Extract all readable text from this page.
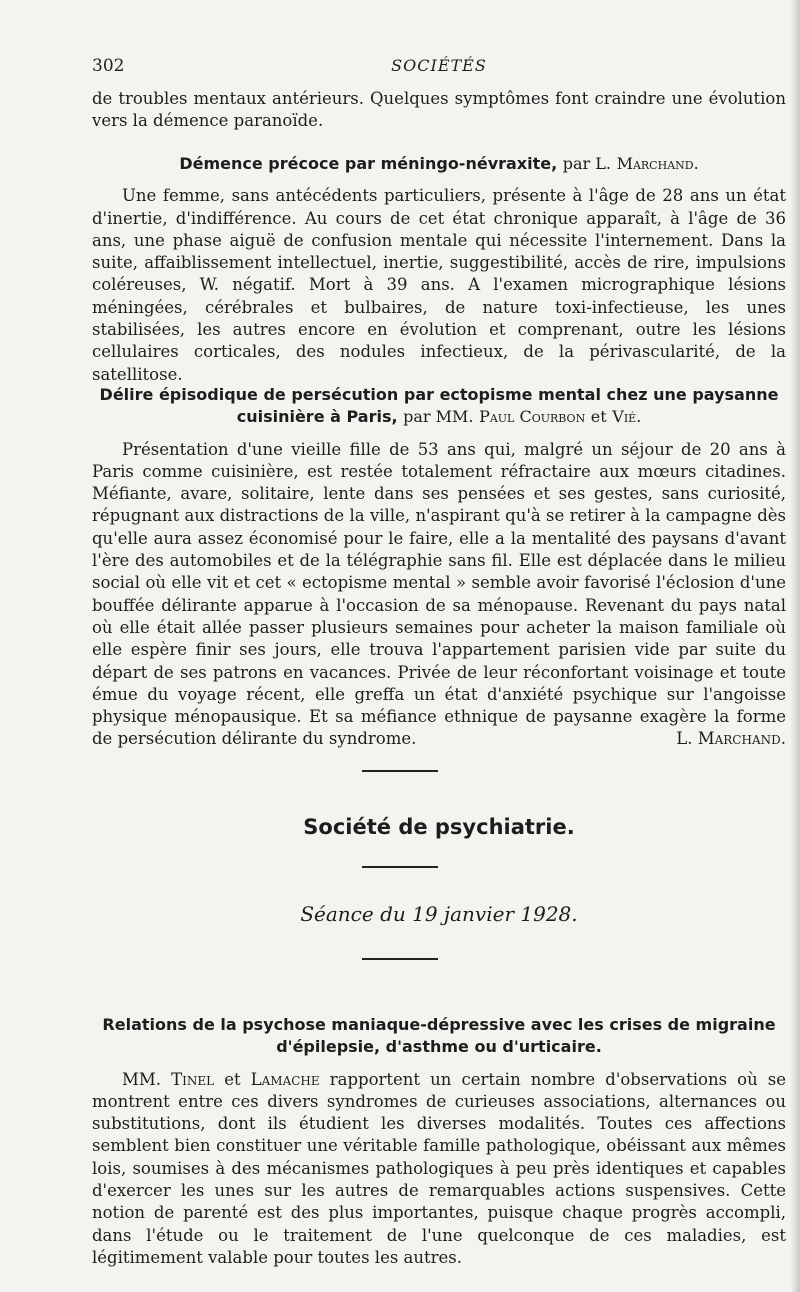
302	SOCIÉTÉS

de troubles mentaux antérieurs. Quelques symptômes font craindre une évolution vers la démence paranoïde.

Démence précoce par méningo-névraxite, par L. Marchand.

Une femme, sans antécédents particuliers, présente à l'âge de 28 ans un état d'inertie, d'indifférence. Au cours de cet état chronique apparaît, à l'âge de 36 ans, une phase aiguë de confusion mentale qui nécessite l'internement. Dans la suite, affaiblissement intellectuel, inertie, suggestibilité, accès de rire, impulsions coléreuses, W. négatif. Mort à 39 ans. A l'examen micrographique lésions méningées, cérébrales et bulbaires, de nature toxi-infectieuse, les unes stabilisées, les autres encore en évolution et comprenant, outre les lésions cellulaires corticales, des nodules infectieux, de la périvascularité, de la satellitose.

Délire épisodique de persécution par ectopisme mental chez une paysanne cuisinière à Paris, par MM. Paul Courbon et Vié.

Présentation d'une vieille fille de 53 ans qui, malgré un séjour de 20 ans à Paris comme cuisinière, est restée totalement réfractaire aux mœurs citadines. Méfiante, avare, solitaire, lente dans ses pensées et ses gestes, sans curiosité, répugnant aux distractions de la ville, n'aspirant qu'à se retirer à la campagne dès qu'elle aura assez économisé pour le faire, elle a la mentalité des paysans d'avant l'ère des automobiles et de la télégraphie sans fil. Elle est déplacée dans le milieu social où elle vit et cet « ectopisme mental » semble avoir favorisé l'éclosion d'une bouffée délirante apparue à l'occasion de sa ménopause. Revenant du pays natal où elle était allée passer plusieurs semaines pour acheter la maison familiale où elle espère finir ses jours, elle trouva l'appartement parisien vide par suite du départ de ses patrons en vacances. Privée de leur réconfortant voisinage et toute émue du voyage récent, elle greffa un état d'anxiété psychique sur l'angoisse physique ménopausique. Et sa méfiance ethnique de paysanne exagère la forme de persécution délirante du syndrome.	L. Marchand.

Société de psychiatrie.
Séance du 19 janvier 1928.

Relations de la psychose maniaque-dépressive avec les crises de migraine d'épilepsie, d'asthme ou d'urticaire.

MM. Tinel et Lamache rapportent un certain nombre d'observations où se montrent entre ces divers syndromes de curieuses associations, alternances ou substitutions, dont ils étudient les diverses modalités. Toutes ces affections semblent bien constituer une véritable famille pathologique, obéissant aux mêmes lois, soumises à des mécanismes pathologiques à peu près identiques et capables d'exercer les unes sur les autres de remarquables actions suspensives. Cette notion de parenté est des plus importantes, puisque chaque progrès accompli, dans l'étude ou le traitement de l'une quelconque de ces maladies, est légitimement valable pour toutes les autres.
